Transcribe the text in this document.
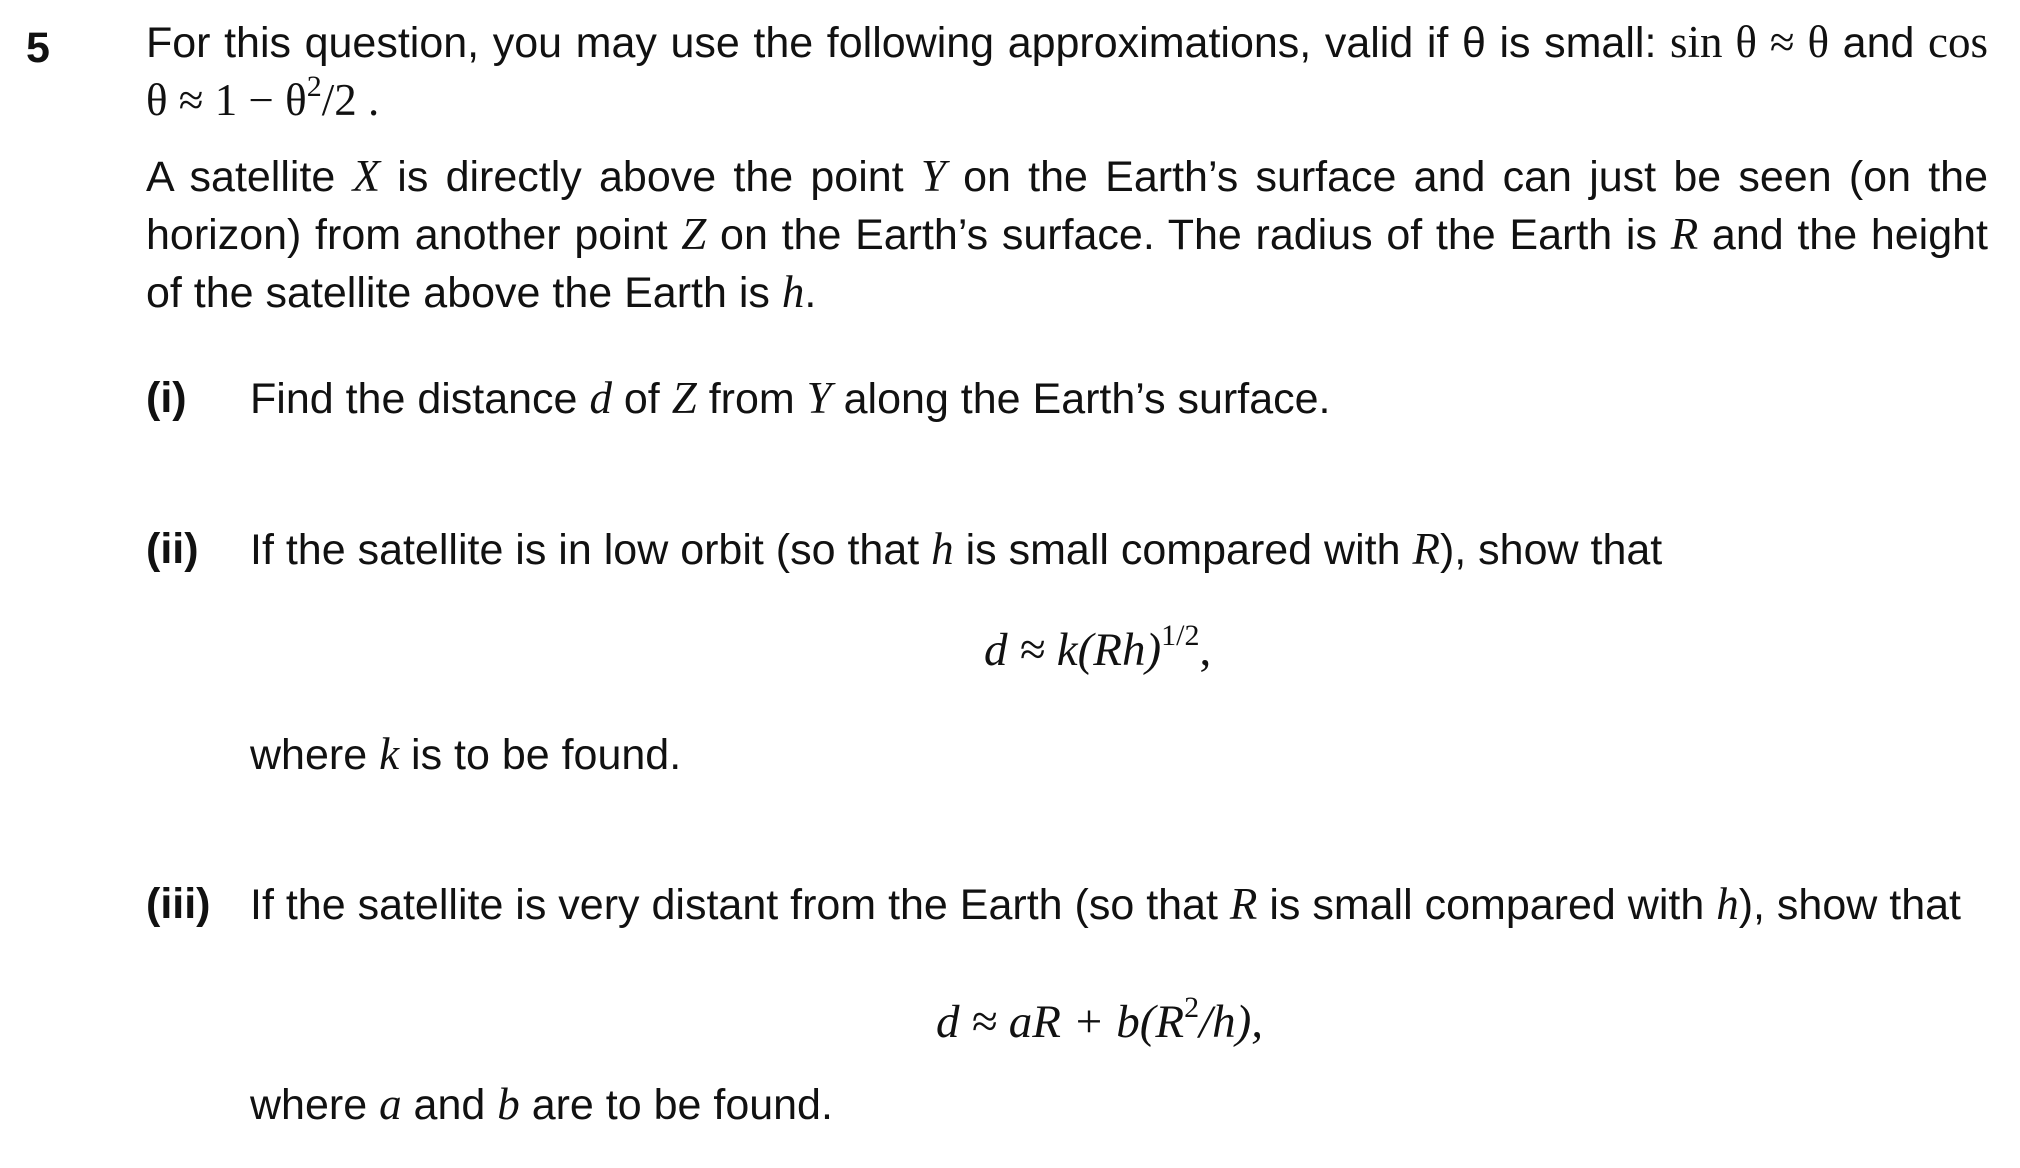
5 For this question, you may use the following approximations, valid if θ is small: sin θ ≈ θ and $\cos \theta \approx 1 - \theta^2/2$ .
A satellite X is directly above the point Y on the Earth’s surface and can just be seen (on the horizon) from another point Z on the Earth’s surface. The radius of the Earth is R and the height of the satellite above the Earth is h.
(i) Find the distance d of Z from Y along the Earth’s surface.
(ii) If the satellite is in low orbit (so that h is small compared with R), show that
$d \approx k(Rh)^{1/2}$,
where k is to be found.
(iii) If the satellite is very distant from the Earth (so that R is small compared with h), show that
d ≈ aR + $b(R^2/h)$,
where a and b are to be found.
